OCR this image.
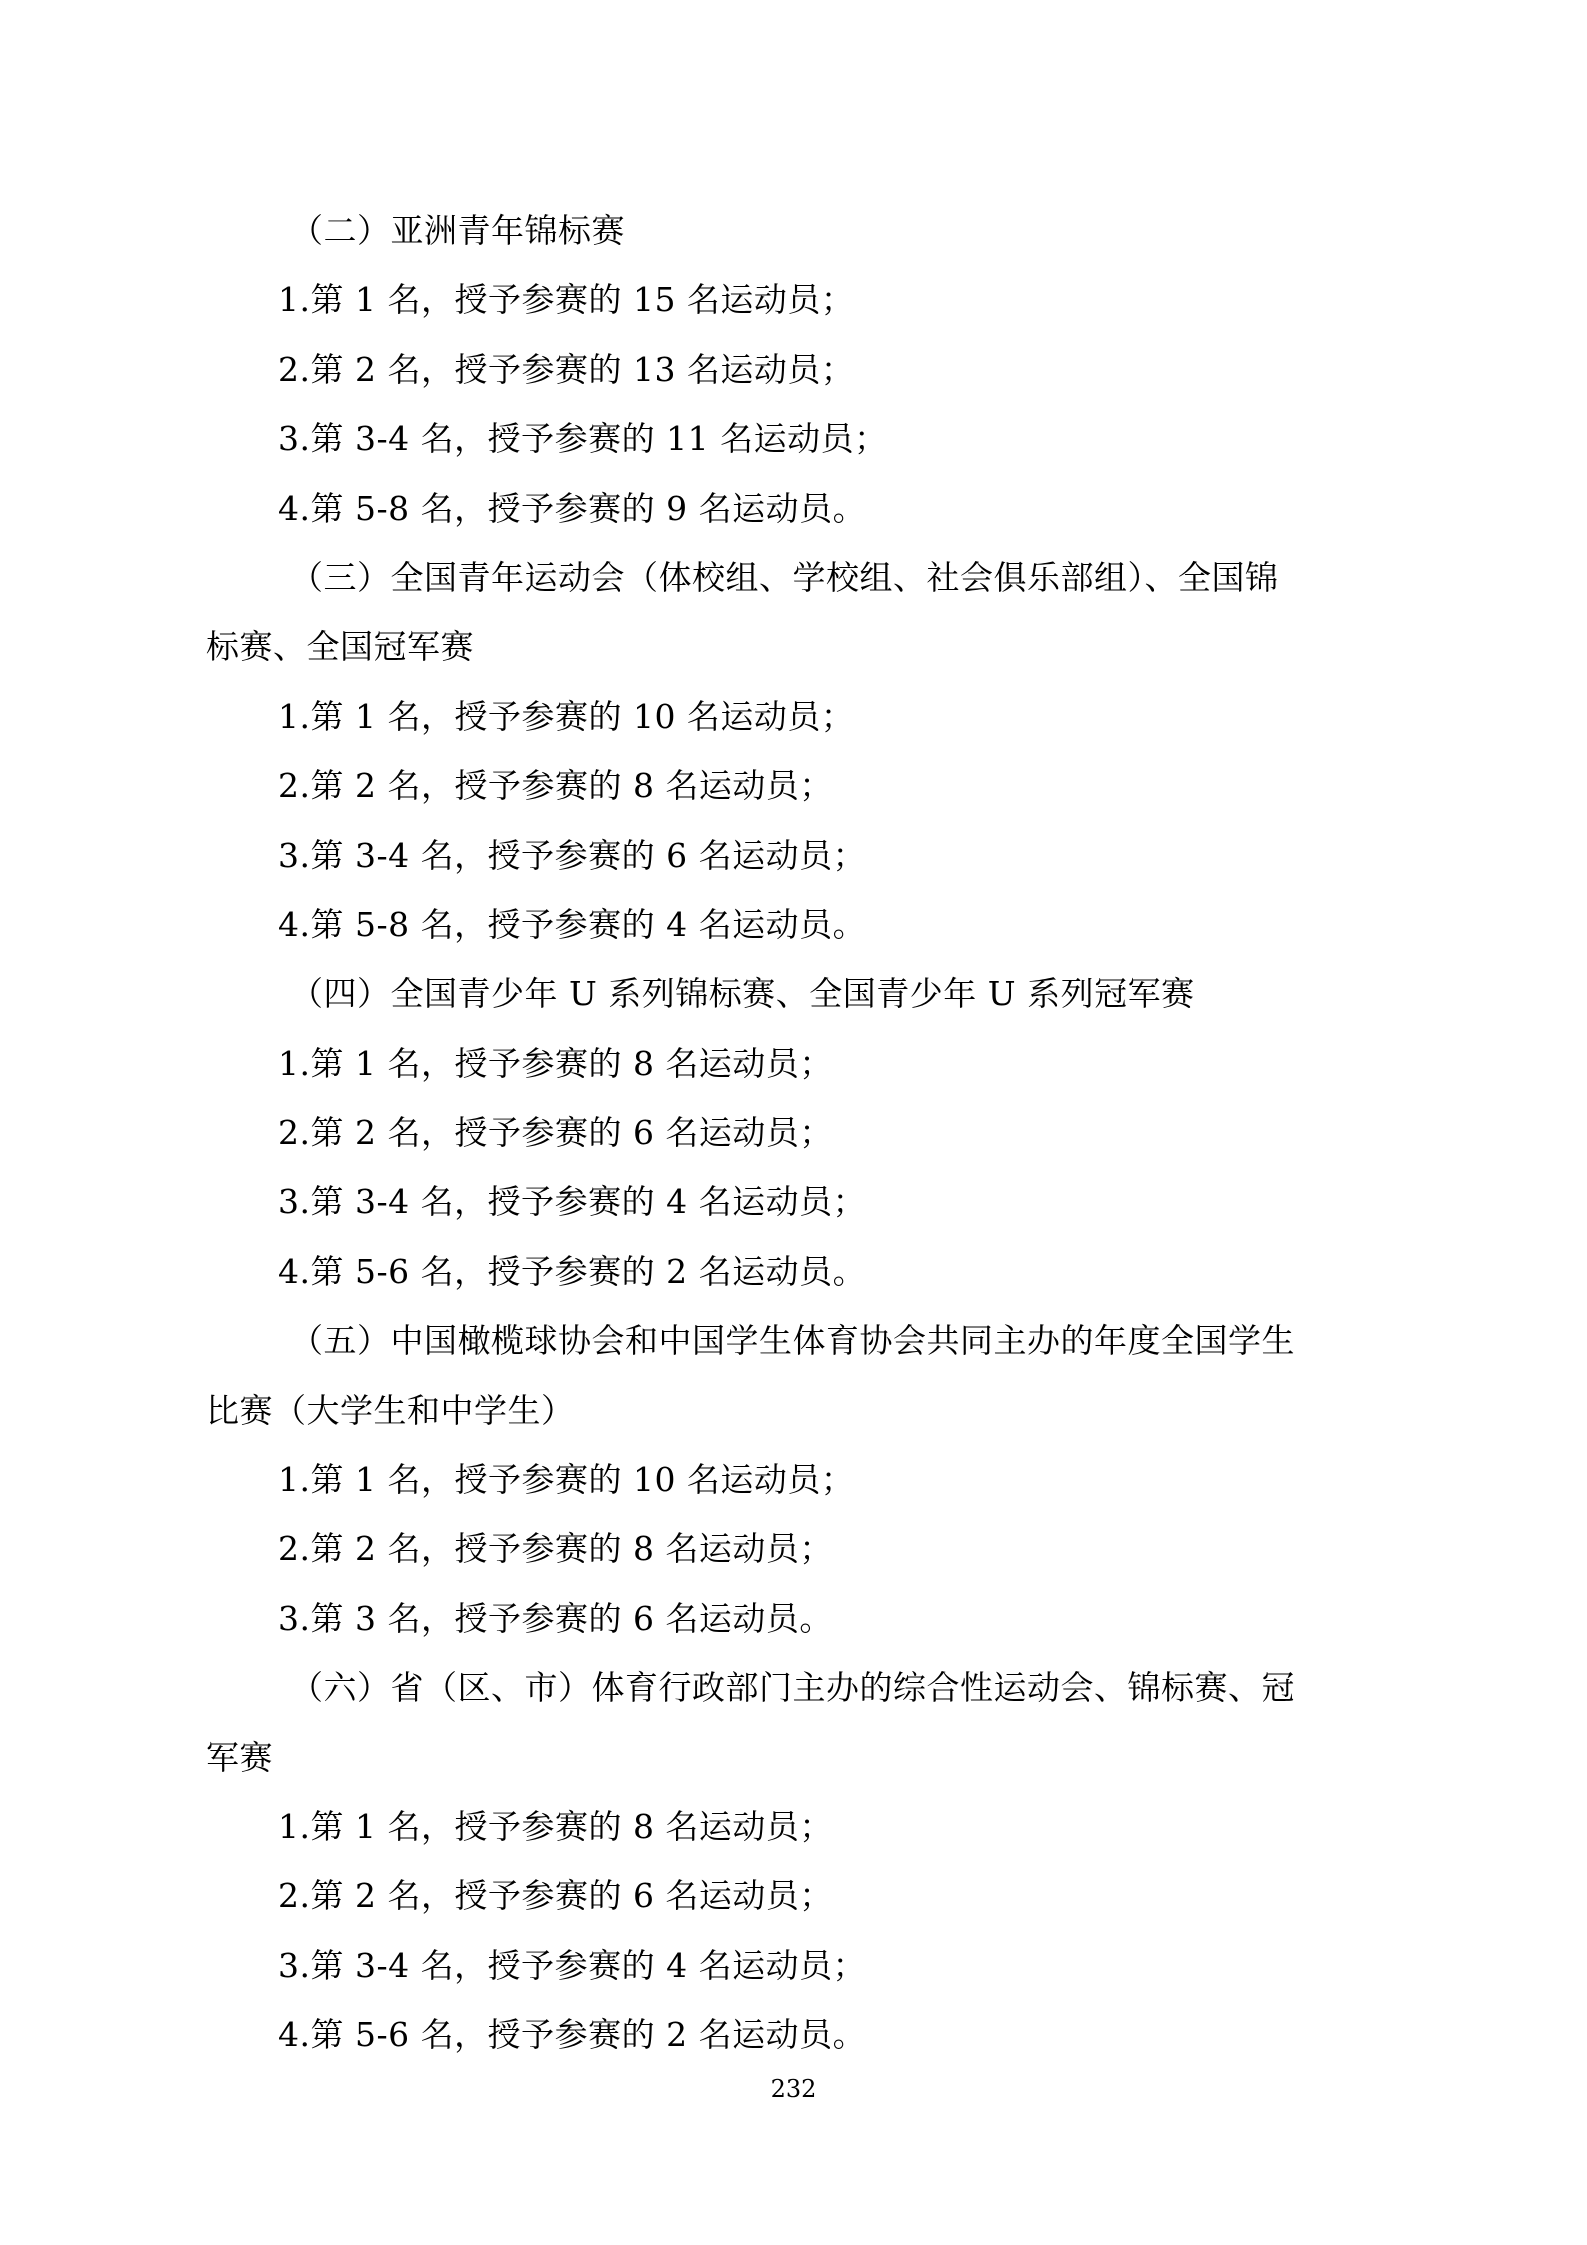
（二）亚洲青年锦标赛
1.第 1 名，授予参赛的 15 名运动员；
2.第 2 名，授予参赛的 13 名运动员；
3.第 3-4 名，授予参赛的 11 名运动员；
4.第 5-8 名，授予参赛的 9 名运动员。
（三）全国青年运动会（体校组、学校组、社会俱乐部组）、全国锦
标赛、全国冠军赛
1.第 1 名，授予参赛的 10 名运动员；
2.第 2 名，授予参赛的 8 名运动员；
3.第 3-4 名，授予参赛的 6 名运动员；
4.第 5-8 名，授予参赛的 4 名运动员。
（四）全国青少年 U 系列锦标赛、全国青少年 U 系列冠军赛
1.第 1 名，授予参赛的 8 名运动员；
2.第 2 名，授予参赛的 6 名运动员；
3.第 3-4 名，授予参赛的 4 名运动员；
4.第 5-6 名，授予参赛的 2 名运动员。
（五）中国橄榄球协会和中国学生体育协会共同主办的年度全国学生
比赛（大学生和中学生）
1.第 1 名，授予参赛的 10 名运动员；
2.第 2 名，授予参赛的 8 名运动员；
3.第 3 名，授予参赛的 6 名运动员。
（六）省（区、市）体育行政部门主办的综合性运动会、锦标赛、冠
军赛
1.第 1 名，授予参赛的 8 名运动员；
2.第 2 名，授予参赛的 6 名运动员；
3.第 3-4 名，授予参赛的 4 名运动员；
4.第 5-6 名，授予参赛的 2 名运动员。
232
